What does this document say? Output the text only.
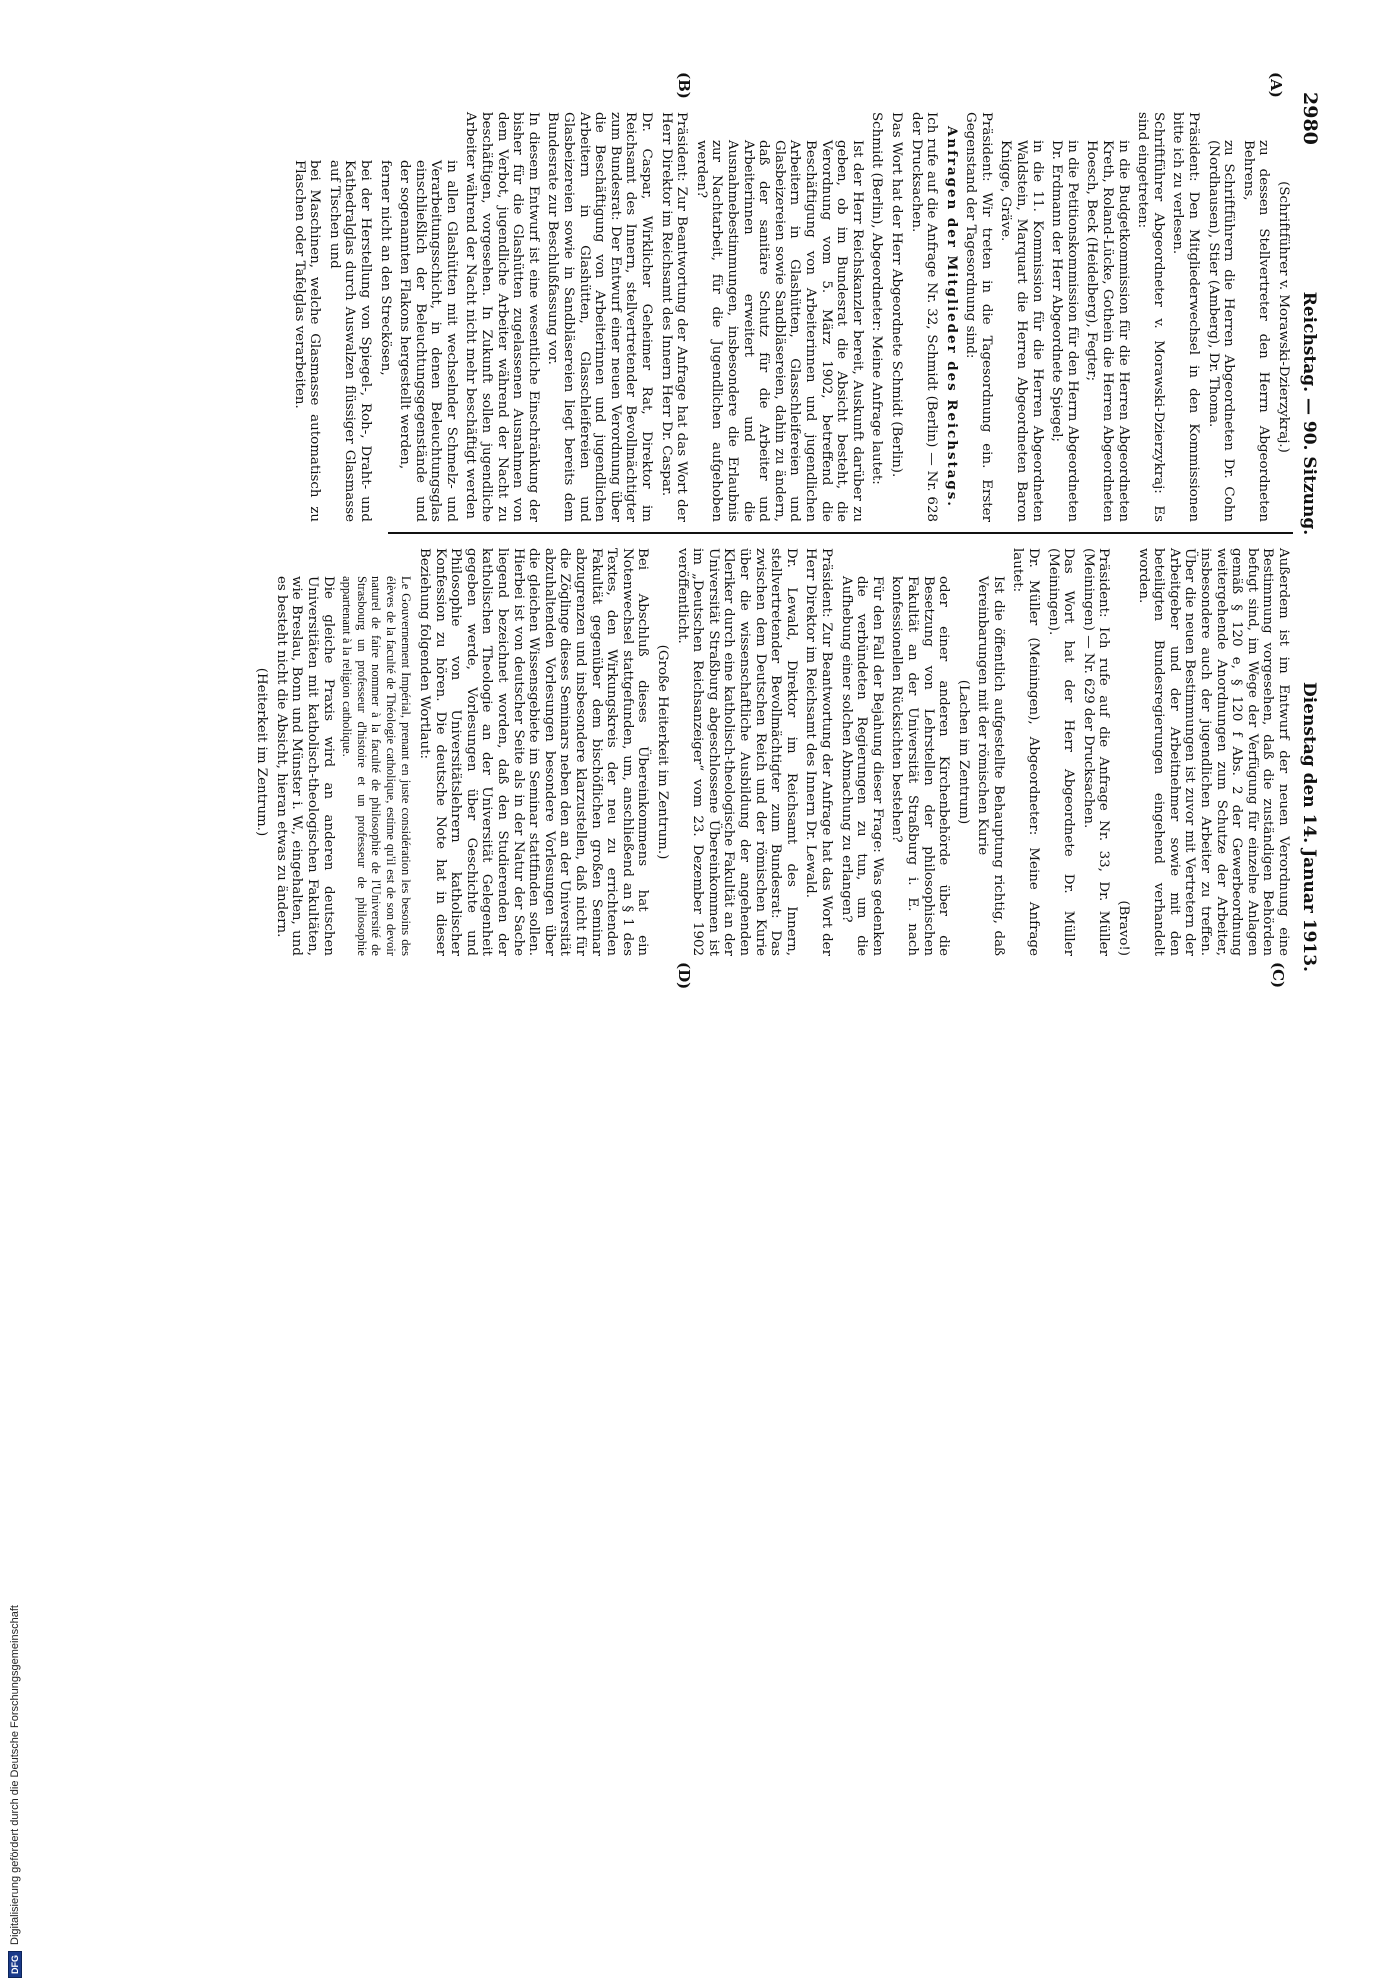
2980
Reichstag. — 90. Sitzung.
Dienstag den 14. Januar 1913.
(A)
(B)
(C)
(D)

(Schriftführer v. Morawski-Dzierzykraj.)

zu dessen Stellvertreter den Herrn Abgeordneten Behrens,

zu Schriftführern die Herren Abgeordneten Dr. Cohn (Nordhausen), Stier (Amberg), Dr. Thoma.

Präsident: Den Mitgliederwechsel in den Kommissionen bitte ich zu verlesen.

Schriftführer Abgeordneter v. Morawski-Dzierzykraj: Es sind eingetreten:

in die Budgetkommission für die Herren Abgeordneten Kreth, Roland-Lücke, Gothein die Herren Abgeordneten Hoesch, Beck (Heidelberg), Fegter;

in die Petitionskommission für den Herrn Abgeordneten Dr. Erdmann der Herr Abgeordnete Spiegel;

in die 11. Kommission für die Herren Abgeordneten Waldstein, Marquart die Herren Abgeordneten Baron Knigge, Gräve.

Präsident: Wir treten in die Tagesordnung ein. Erster Gegenstand der Tagesordnung sind:

Anfragen der Mitglieder des Reichstags.

Ich rufe auf die Anfrage Nr. 32, Schmidt (Berlin) — Nr. 628 der Drucksachen.

Das Wort hat der Herr Abgeordnete Schmidt (Berlin).

Schmidt (Berlin), Abgeordneter: Meine Anfrage lautet:

Ist der Herr Reichskanzler bereit, Auskunft darüber zu geben, ob im Bundesrat die Absicht besteht, die Verordnung vom 5. März 1902, betreffend die Beschäftigung von Arbeiterinnen und jugendlichen Arbeitern in Glashütten, Glasschleifereien und Glasbeizereien sowie Sandbläsereien, dahin zu ändern, daß der sanitäre Schutz für die Arbeiter und Arbeiterinnen erweitert und die Ausnahmebestimmungen, insbesondere die Erlaubnis zur Nachtarbeit, für die Jugendlichen aufgehoben werden?

Präsident: Zur Beantwortung der Anfrage hat das Wort der Herr Direktor im Reichsamt des Innern Herr Dr. Caspar.

Dr. Caspar, Wirklicher Geheimer Rat, Direktor im Reichsamt des Innern, stellvertretender Bevollmächtigter zum Bundesrat: Der Entwurf einer neuen Verordnung über die Beschäftigung von Arbeiterinnen und jugendlichen Arbeitern in Glashütten, Glasschleifereien und Glasbeizereien sowie in Sandbläsereien liegt bereits dem Bundesrate zur Beschlußfassung vor.

In diesem Entwurf ist eine wesentliche Einschränkung der bisher für die Glashütten zugelassenen Ausnahmen von dem Verbot, jugendliche Arbeiter während der Nacht zu beschäftigen, vorgesehen. In Zukunft sollen jugendliche Arbeiter während der Nacht nicht mehr beschäftigt werden

in allen Glashütten mit wechselnder Schmelz- und Verarbeitungsschicht, in denen Beleuchtungsglas einschließlich der Beleuchtungsgegenstände und der sogenannten Flakons hergestellt werden,

ferner nicht an den Streckösen,

bei der Herstellung von Spiegel-, Roh-, Draht- und Kathedralglas durch Auswalzen flüssiger Glasmasse auf Tischen und

bei Maschinen, welche Glasmasse automatisch zu Flaschen oder Tafelglas verarbeiten.

Außerdem ist im Entwurf der neuen Verordnung eine Bestimmung vorgesehen, daß die zuständigen Behörden befugt sind, im Wege der Verfügung für einzelne Anlagen gemäß § 120 e, § 120 f Abs. 2 der Gewerbeordnung weitergehende Anordnungen zum Schutze der Arbeiter, insbesondere auch der jugendlichen Arbeiter zu treffen. Über die neuen Bestimmungen ist zuvor mit Vertretern der Arbeitgeber und der Arbeitnehmer sowie mit den beteiligten Bundesregierungen eingehend verhandelt worden.

(Bravo!)

Präsident: Ich rufe auf die Anfrage Nr. 33, Dr. Müller (Meiningen) — Nr. 629 der Drucksachen.

Das Wort hat der Herr Abgeordnete Dr. Müller (Meiningen).

Dr. Müller (Meiningen), Abgeordneter: Meine Anfrage lautet:

Ist die öffentlich aufgestellte Behauptung richtig, daß Vereinbarungen mit der römischen Kurie

(Lachen im Zentrum)

oder einer anderen Kirchenbehörde über die Besetzung von Lehrstellen der philosophischen Fakultät an der Universität Straßburg i. E. nach konfessionellen Rücksichten bestehen?

Für den Fall der Bejahung dieser Frage: Was gedenken die verbündeten Regierungen zu tun, um die Aufhebung einer solchen Abmachung zu erlangen?

Präsident: Zur Beantwortung der Anfrage hat das Wort der Herr Direktor im Reichsamt des Innern Dr. Lewald.

Dr. Lewald, Direktor im Reichsamt des Innern, stellvertretender Bevollmächtigter zum Bundesrat: Das zwischen dem Deutschen Reich und der römischen Kurie über die wissenschaftliche Ausbildung der angehenden Kleriker durch eine katholisch-theologische Fakultät an der Universität Straßburg abgeschlossene Übereinkommen ist im „Deutschen Reichsanzeiger“ vom 23. Dezember 1902 veröffentlicht.

(Große Heiterkeit im Zentrum.)

Bei Abschluß dieses Übereinkommens hat ein Notenwechsel stattgefunden, um, anschließend an § 1 des Textes, den Wirkungskreis der neu zu errichtenden Fakultät gegenüber dem bischöflichen großen Seminar abzugrenzen und insbesondere klarzustellen, daß nicht für die Zöglinge dieses Seminars neben den an der Universität abzuhaltenden Vorlesungen besondere Vorlesungen über die gleichen Wissensgebiete im Seminar stattfinden sollen. Hierbei ist von deutscher Seite als in der Natur der Sache liegend bezeichnet worden, daß den Studierenden der katholischen Theologie an der Universität Gelegenheit gegeben werde, Vorlesungen über Geschichte und Philosophie von Universitätslehrern katholischer Konfession zu hören. Die deutsche Note hat in dieser Beziehung folgenden Wortlaut:

Le Gouvernement Impérial, prenant en juste considération les besoins des élèves de la faculté de Théologie catholique, estime qu'il est de son devoir naturel de faire nommer à la faculté de philosophie de l'Université de Strasbourg un professeur d'histoire et un professeur de philosophie appartenant à la religion catholique.

Die gleiche Praxis wird an anderen deutschen Universitäten mit katholisch-theologischen Fakultäten, wie Breslau, Bonn und Münster i. W., eingehalten, und es besteht nicht die Absicht, hieran etwas zu ändern.

(Heiterkeit im Zentrum.)

DFG
Digitalisierung gefördert durch die Deutsche Forschungsgemeinschaft
